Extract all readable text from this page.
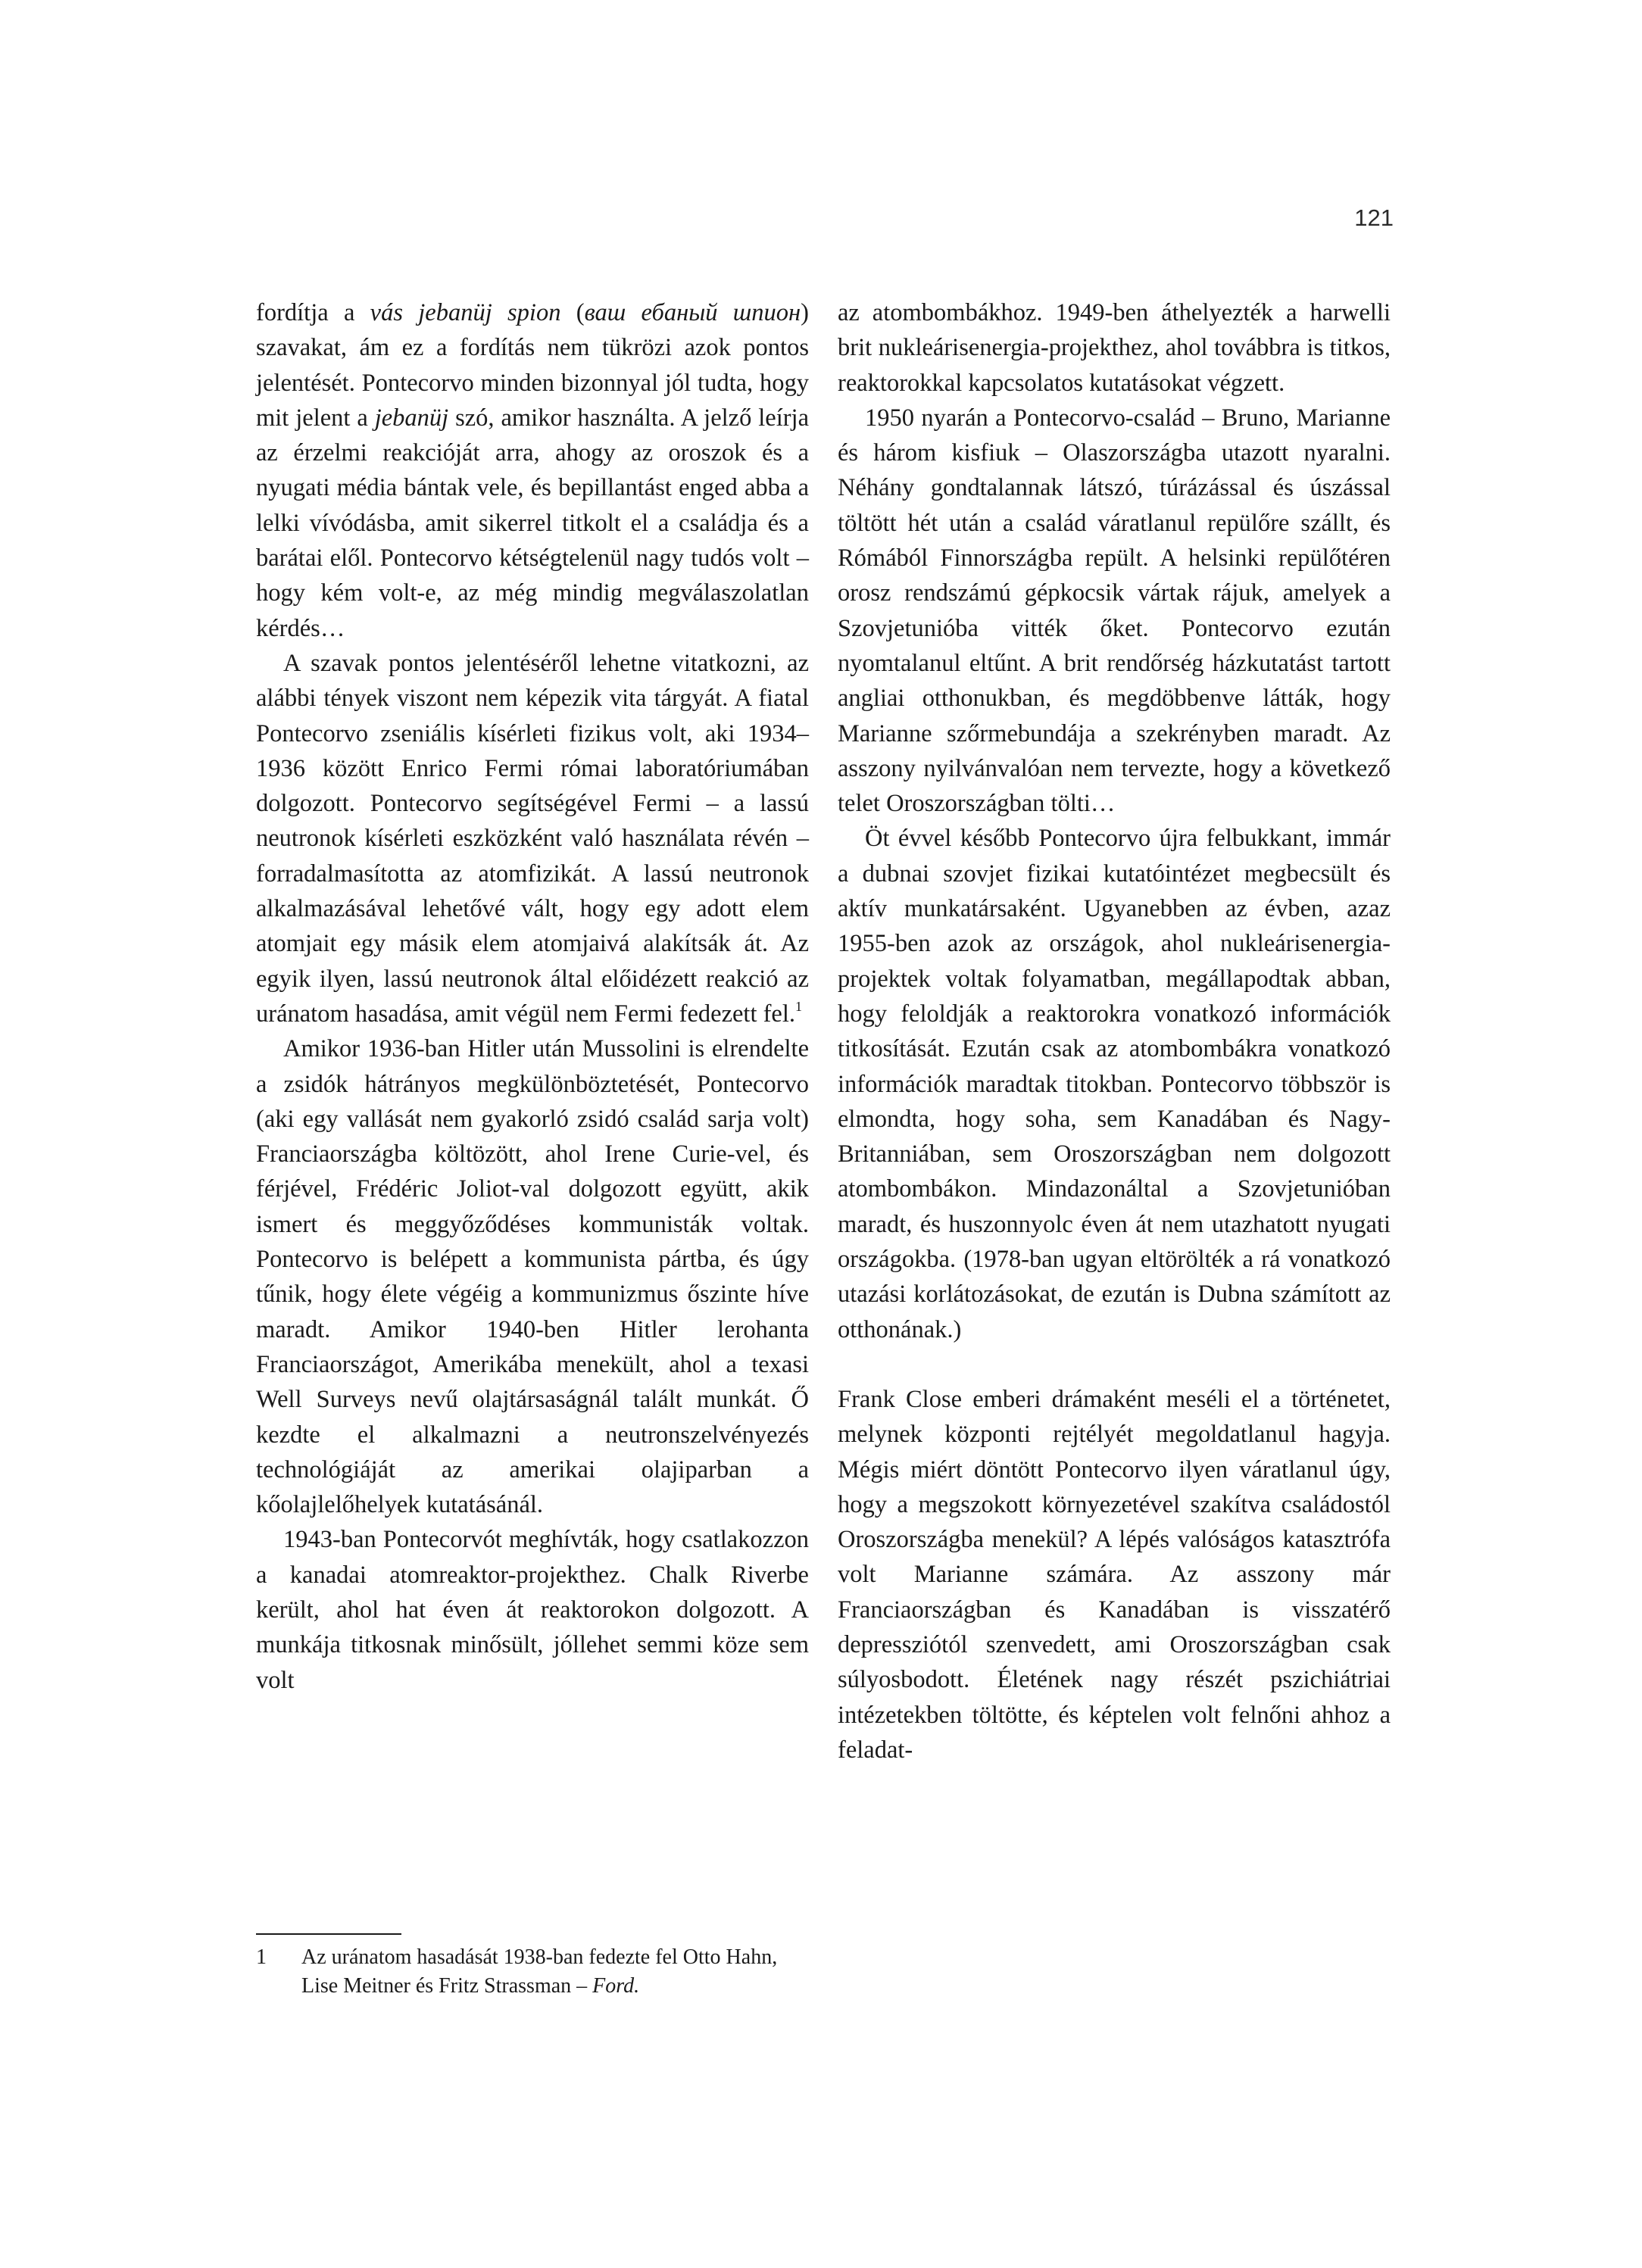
121

fordítja a vás jebanüj spion (ваш ебаный шпион) szavakat, ám ez a fordítás nem tükrözi azok pontos jelentését. Pontecorvo minden bizonnyal jól tudta, hogy mit jelent a jebanüj szó, amikor használta. A jelző leírja az érzelmi reakcióját arra, ahogy az oroszok és a nyugati média bántak vele, és bepillantást enged abba a lelki vívódásba, amit sikerrel titkolt el a családja és a barátai elől. Pontecorvo kétségtelenül nagy tudós volt – hogy kém volt-e, az még mindig megválaszolatlan kérdés…

A szavak pontos jelentéséről lehetne vitatkozni, az alábbi tények viszont nem képezik vita tárgyát. A fiatal Pontecorvo zseniális kísérleti fizikus volt, aki 1934–1936 között Enrico Fermi római laboratóriumában dolgozott. Pontecorvo segítségével Fermi – a lassú neutronok kísérleti eszközként való használata révén – forradalmasította az atomfizikát. A lassú neutronok alkalmazásával lehetővé vált, hogy egy adott elem atomjait egy másik elem atomjaivá alakítsák át. Az egyik ilyen, lassú neutronok által előidézett reakció az uránatom hasadása, amit végül nem Fermi fedezett fel.$^1$

Amikor 1936-ban Hitler után Mussolini is elrendelte a zsidók hátrányos megkülönböztetését, Pontecorvo (aki egy vallását nem gyakorló zsidó család sarja volt) Franciaországba költözött, ahol Irene Curie-vel, és férjével, Frédéric Joliot-val dolgozott együtt, akik ismert és meggyőződéses kommunisták voltak. Pontecorvo is belépett a kommunista pártba, és úgy tűnik, hogy élete végéig a kommunizmus őszinte híve maradt. Amikor 1940-ben Hitler lerohanta Franciaországot, Amerikába menekült, ahol a texasi Well Surveys nevű olajtársaságnál talált munkát. Ő kezdte el alkalmazni a neutronszelvényezés technológiáját az amerikai olajiparban a kőolajlelőhelyek kutatásánál.

1943-ban Pontecorvót meghívták, hogy csatlakozzon a kanadai atomreaktor-projekthez. Chalk Riverbe került, ahol hat éven át reaktorokon dolgozott. A munkája titkosnak minősült, jóllehet semmi köze sem volt

1 Az uránatom hasadását 1938-ban fedezte fel Otto Hahn, Lise Meitner és Fritz Strassman – Ford.

az atombombákhoz. 1949-ben áthelyezték a harwelli brit nukleárisenergia-projekthez, ahol továbbra is titkos, reaktorokkal kapcsolatos kutatásokat végzett.

1950 nyarán a Pontecorvo-család – Bruno, Marianne és három kisfiuk – Olaszországba utazott nyaralni. Néhány gondtalannak látszó, túrázással és úszással töltött hét után a család váratlanul repülőre szállt, és Rómából Finnországba repült. A helsinki repülőtéren orosz rendszámú gépkocsik vártak rájuk, amelyek a Szovjetunióba vitték őket. Pontecorvo ezután nyomtalanul eltűnt. A brit rendőrség házkutatást tartott angliai otthonukban, és megdöbbenve látták, hogy Marianne szőrmebundája a szekrényben maradt. Az asszony nyilvánvalóan nem tervezte, hogy a következő telet Oroszországban tölti…

Öt évvel később Pontecorvo újra felbukkant, immár a dubnai szovjet fizikai kutatóintézet megbecsült és aktív munkatársaként. Ugyanebben az évben, azaz 1955-ben azok az országok, ahol nukleárisenergia-projektek voltak folyamatban, megállapodtak abban, hogy feloldják a reaktorokra vonatkozó információk titkosítását. Ezután csak az atombombákra vonatkozó információk maradtak titokban. Pontecorvo többször is elmondta, hogy soha, sem Kanadában és Nagy-Britanniában, sem Oroszországban nem dolgozott atombombákon. Mindazonáltal a Szovjetunióban maradt, és huszonnyolc éven át nem utazhatott nyugati országokba. (1978-ban ugyan eltörölték a rá vonatkozó utazási korlátozásokat, de ezután is Dubna számított az otthonának.)

Frank Close emberi drámaként meséli el a történetet, melynek központi rejtélyét megoldatlanul hagyja. Mégis miért döntött Pontecorvo ilyen váratlanul úgy, hogy a megszokott környezetével szakítva családostól Oroszországba menekül? A lépés valóságos katasztrófa volt Marianne számára. Az asszony már Franciaországban és Kanadában is visszatérő depressziótól szenvedett, ami Oroszországban csak súlyosbodott. Életének nagy részét pszichiátriai intézetekben töltötte, és képtelen volt felnőni ahhoz a feladat-
